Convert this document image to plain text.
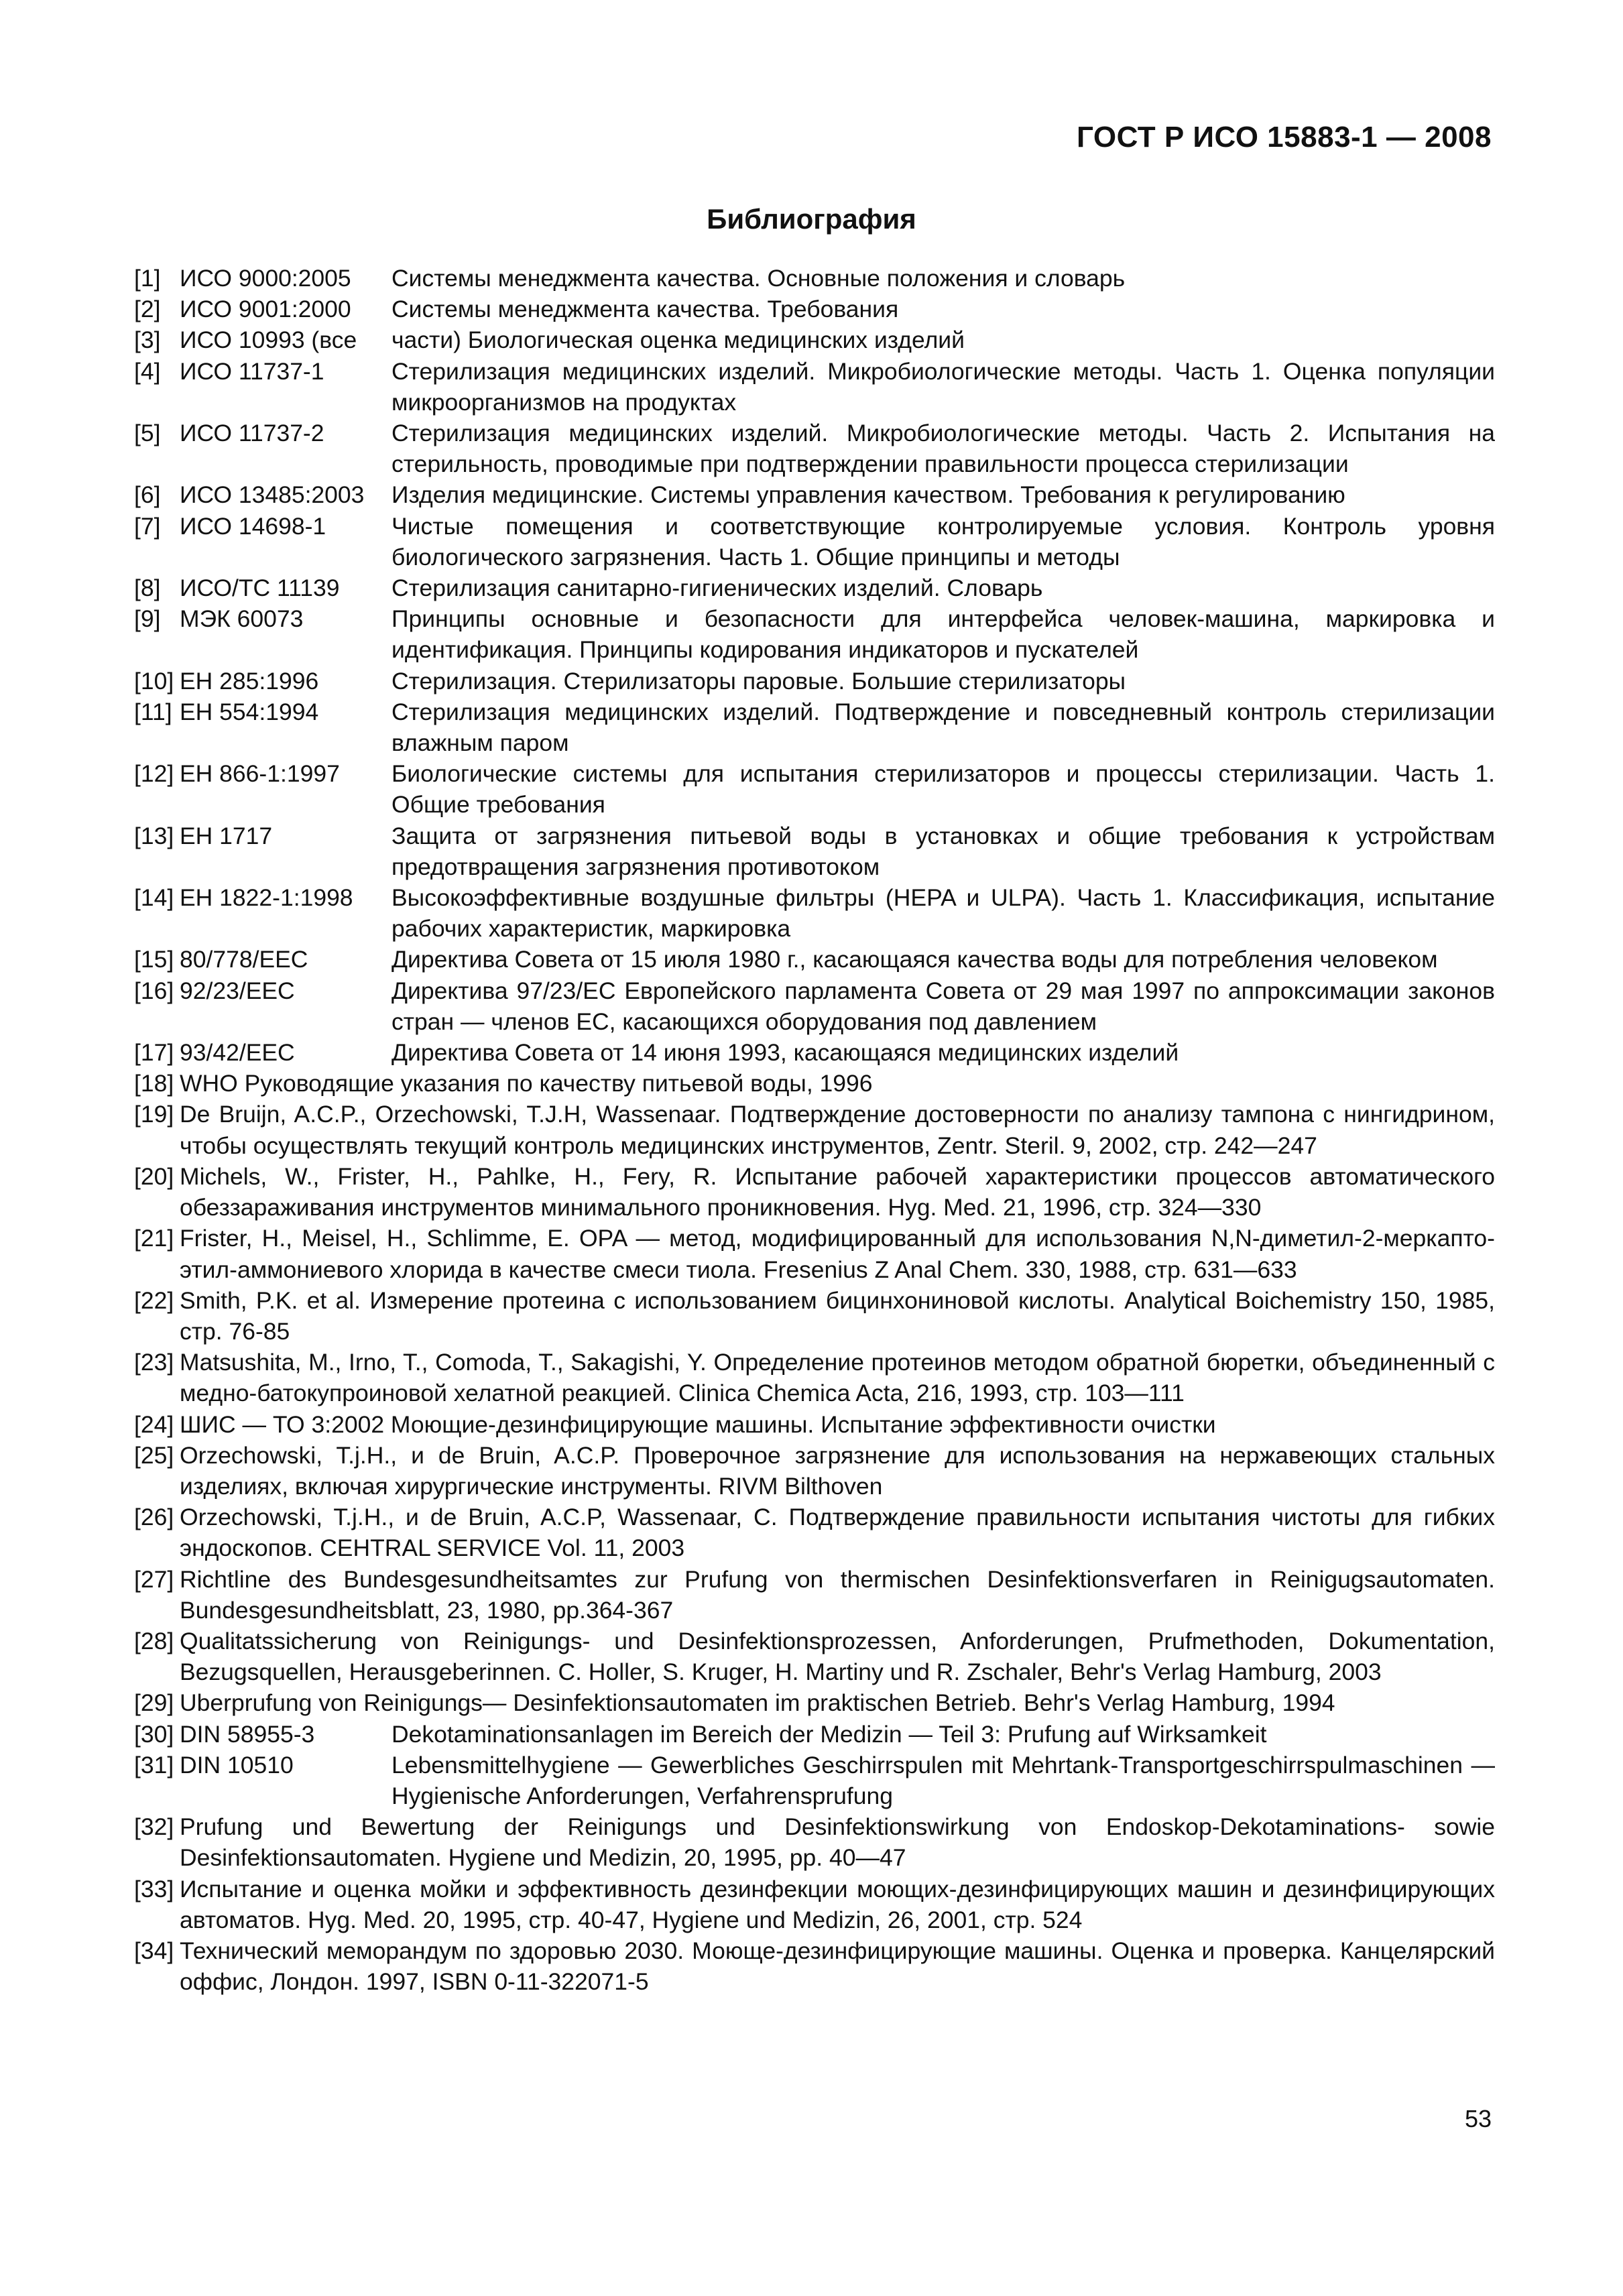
ГОСТ Р ИСО 15883-1 — 2008
Библиография
[1] ИСО 9000:2005	Системы менеджмента качества. Основные положения и словарь

[2] ИСО 9001:2000	Системы менеджмента качества. Требования

[3] ИСО 10993 (все	части) Биологическая оценка медицинских изделий

[4] ИСО 11737-1	Стерилизация медицинских изделий. Микробиологические методы. Часть 1. Оценка популяции микроорганизмов на продуктах

[5] ИСО 11737-2	Стерилизация медицинских изделий. Микробиологические методы. Часть 2. Испытания на стерильность, проводимые при подтверждении правильности процесса стерилизации

[6] ИСО 13485:2003	Изделия медицинские. Системы управления качеством. Требования к регулированию

[7] ИСО 14698-1	Чистые помещения и соответствующие контролируемые условия. Контроль уровня биологического загрязнения. Часть 1. Общие принципы и методы

[8] ИСО/ТС 11139	Стерилизация санитарно-гигиенических изделий. Словарь

[9] МЭК 60073	Принципы основные и безопасности для интерфейса человек-машина, маркировка и идентификация. Принципы кодирования индикаторов и пускателей

[10] ЕН 285:1996	Стерилизация. Стерилизаторы паровые. Большие стерилизаторы

[11] ЕН 554:1994	Стерилизация медицинских изделий. Подтверждение и повседневный контроль стерилизации влажным паром

[12] ЕН 866-1:1997	Биологические системы для испытания стерилизаторов и процессы стерилизации. Часть 1. Общие требования

[13] ЕН 1717	Защита от загрязнения питьевой воды в установках и общие требования к устройствам предотвращения загрязнения противотоком

[14] ЕН 1822-1:1998	Высокоэффективные воздушные фильтры (HEPA и ULPA). Часть 1. Классификация, испытание рабочих характеристик, маркировка

[15] 80/778/EEC	Директива Совета от 15 июля 1980 г., касающаяся качества воды для потребления человеком

[16] 92/23/EEC	Директива 97/23/ЕС Европейского парламента Совета от 29 мая 1997 по аппроксимации законов стран — членов ЕС, касающихся оборудования под давлением

[17] 93/42/EEC	Директива Совета от 14 июня 1993, касающаяся медицинских изделий

[18] WHO Руководящие указания по качеству питьевой воды, 1996

[19] De Bruijn, A.C.P., Orzechowski, T.J.H, Wassenaar. Подтверждение достоверности по анализу тампона с нингидрином, чтобы осуществлять текущий контроль медицинских инструментов, Zentr. Steril. 9, 2002, стр. 242—247

[20] Michels, W., Frister, H., Pahlke, H., Fery, R. Испытание рабочей характеристики процессов автоматического обеззараживания инструментов минимального проникновения. Hyg. Med. 21, 1996, стр. 324—330

[21] Frister, H., Meisel, H., Schlimme, E. OPA — метод, модифицированный для использования N,N-диметил-2-меркапто-этил-аммониевого хлорида в качестве смеси тиола. Fresenius Z Anal Chem. 330, 1988, стр. 631—633

[22] Smith, P.K. et al. Измерение протеина с использованием бицинхониновой кислоты. Analytical Boichemistry 150, 1985, стр. 76-85

[23] Matsushita, M., Irno, T., Comoda, T., Sakagishi, Y. Определение протеинов методом обратной бюретки, объединенный с медно-батокупроиновой хелатной реакцией. Clinica Chemica Acta, 216, 1993, стр. 103—111

[24] ШИС — ТО 3:2002 Моющие-дезинфицирующие машины. Испытание эффективности очистки

[25] Orzechowski, T.j.H., и de Bruin, A.C.P. Проверочное загрязнение для использования на нержавеющих стальных изделиях, включая хирургические инструменты. RIVM Bilthoven

[26] Orzechowski, T.j.H., и de Bruin, A.C.P, Wassenaar, C. Подтверждение правильности испытания чистоты для гибких эндоскопов. CEHTRAL SERVICE Vol. 11, 2003

[27] Richtline des Bundesgesundheitsamtes zur Prufung von thermischen Desinfektionsverfaren in Reinigugsautomaten. Bundesgesundheitsblatt, 23, 1980, pp.364-367

[28] Qualitatssicherung von Reinigungs- und Desinfektionsprozessen, Anforderungen, Prufmethoden, Dokumentation, Bezugsquellen, Herausgeberinnen. C. Holler, S. Kruger, H. Martiny und R. Zschaler, Behr's Verlag Hamburg, 2003

[29] Uberprufung von Reinigungs— Desinfektionsautomaten im praktischen Betrieb. Behr's Verlag Hamburg, 1994

[30] DIN 58955-3	Dekotaminationsanlagen im Bereich der Medizin — Teil 3: Prufung auf Wirksamkeit

[31] DIN 10510	Lebensmittelhygiene — Gewerbliches Geschirrspulen mit Mehrtank-Transportgeschirrspulmaschinen — Hygienische Anforderungen, Verfahrensprufung

[32] Prufung und Bewertung der Reinigungs und Desinfektionswirkung von Endoskop-Dekotaminations- sowie Desinfektionsautomaten. Hygiene und Medizin, 20, 1995, pp. 40—47

[33] Испытание и оценка мойки и эффективность дезинфекции моющих-дезинфицирующих машин и дезинфицирующих автоматов. Hyg. Med. 20, 1995, стр. 40-47, Hygiene und Medizin, 26, 2001, стр. 524

[34] Технический меморандум по здоровью 2030. Моюще-дезинфицирующие машины. Оценка и проверка. Канцелярский оффис, Лондон. 1997, ISBN 0-11-322071-5

53
